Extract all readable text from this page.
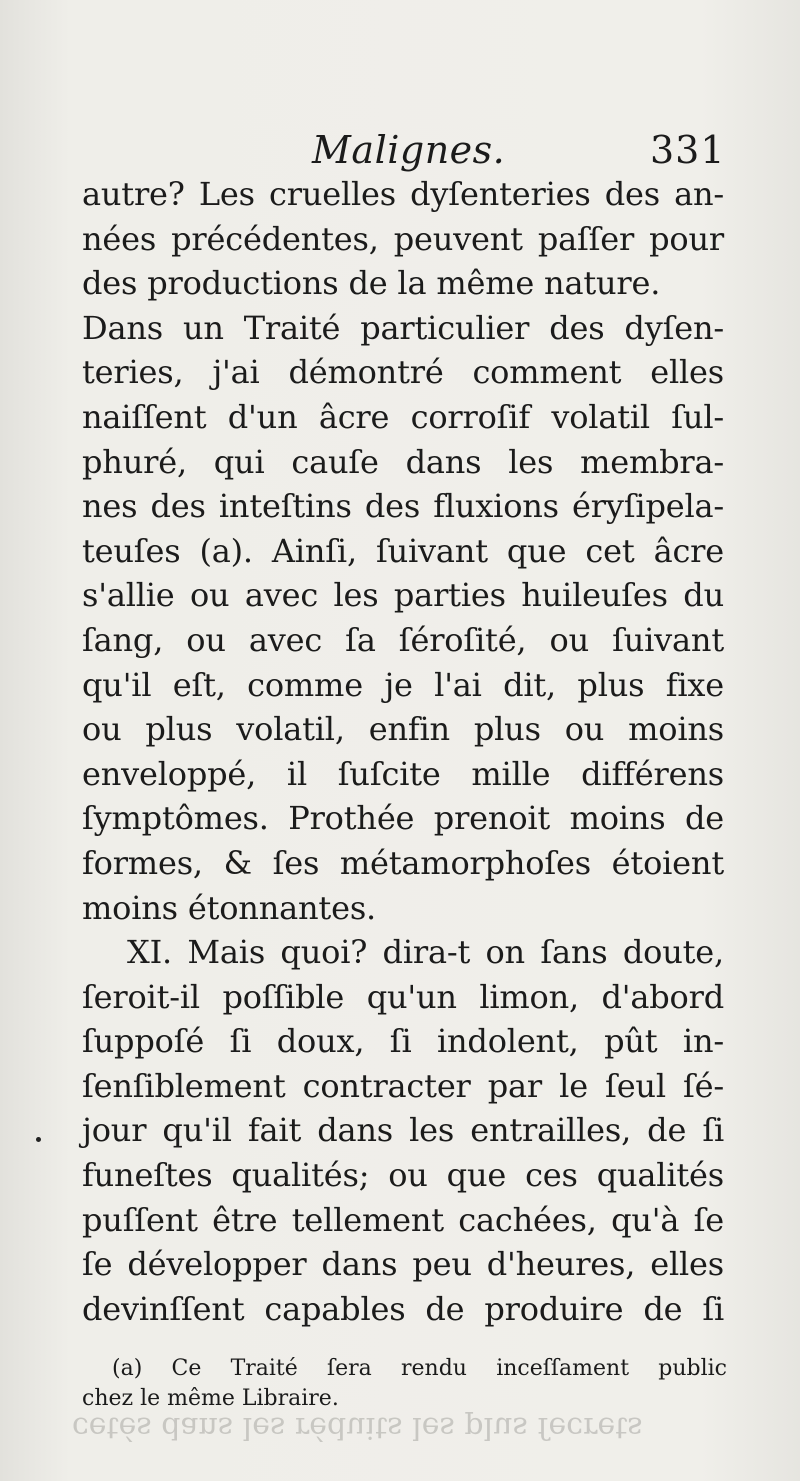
Malignes.	331
autre? Les cruelles dyſenteries des an-
nées précédentes, peuvent paſſer pour
des productions de la même nature.
Dans un Traité particulier des dyſen-
teries, j'ai démontré comment elles
naiſſent d'un âcre corroſif volatil ſul-
phuré, qui cauſe dans les membra-
nes des inteſtins des fluxions éryſipela-
teuſes (a). Ainſi, ſuivant que cet âcre
s'allie ou avec les parties huileuſes du
ſang, ou avec ſa ſéroſité, ou ſuivant
qu'il eſt, comme je l'ai dit, plus fixe
ou plus volatil, enfin plus ou moins
enveloppé, il ſuſcite mille différens
ſymptômes. Prothée prenoit moins de
formes, & ſes métamorphoſes étoient
moins étonnantes.
XI. Mais quoi? dira-t on ſans doute,
ſeroit-il poſſible qu'un limon, d'abord
ſuppoſé ſi doux, ſi indolent, pût in-
ſenſiblement contracter par le ſeul ſé-
jour qu'il fait dans les entrailles, de ſi
funeſtes qualités; ou que ces qualités
puſſent être tellement cachées, qu'à ſe
ſe développer dans peu d'heures, elles
devinſſent capables de produire de ſi
(a) Ce Traité ſera rendu inceſſament public
chez le même Libraire.
cetés dans les réduits les plus ſecrets
